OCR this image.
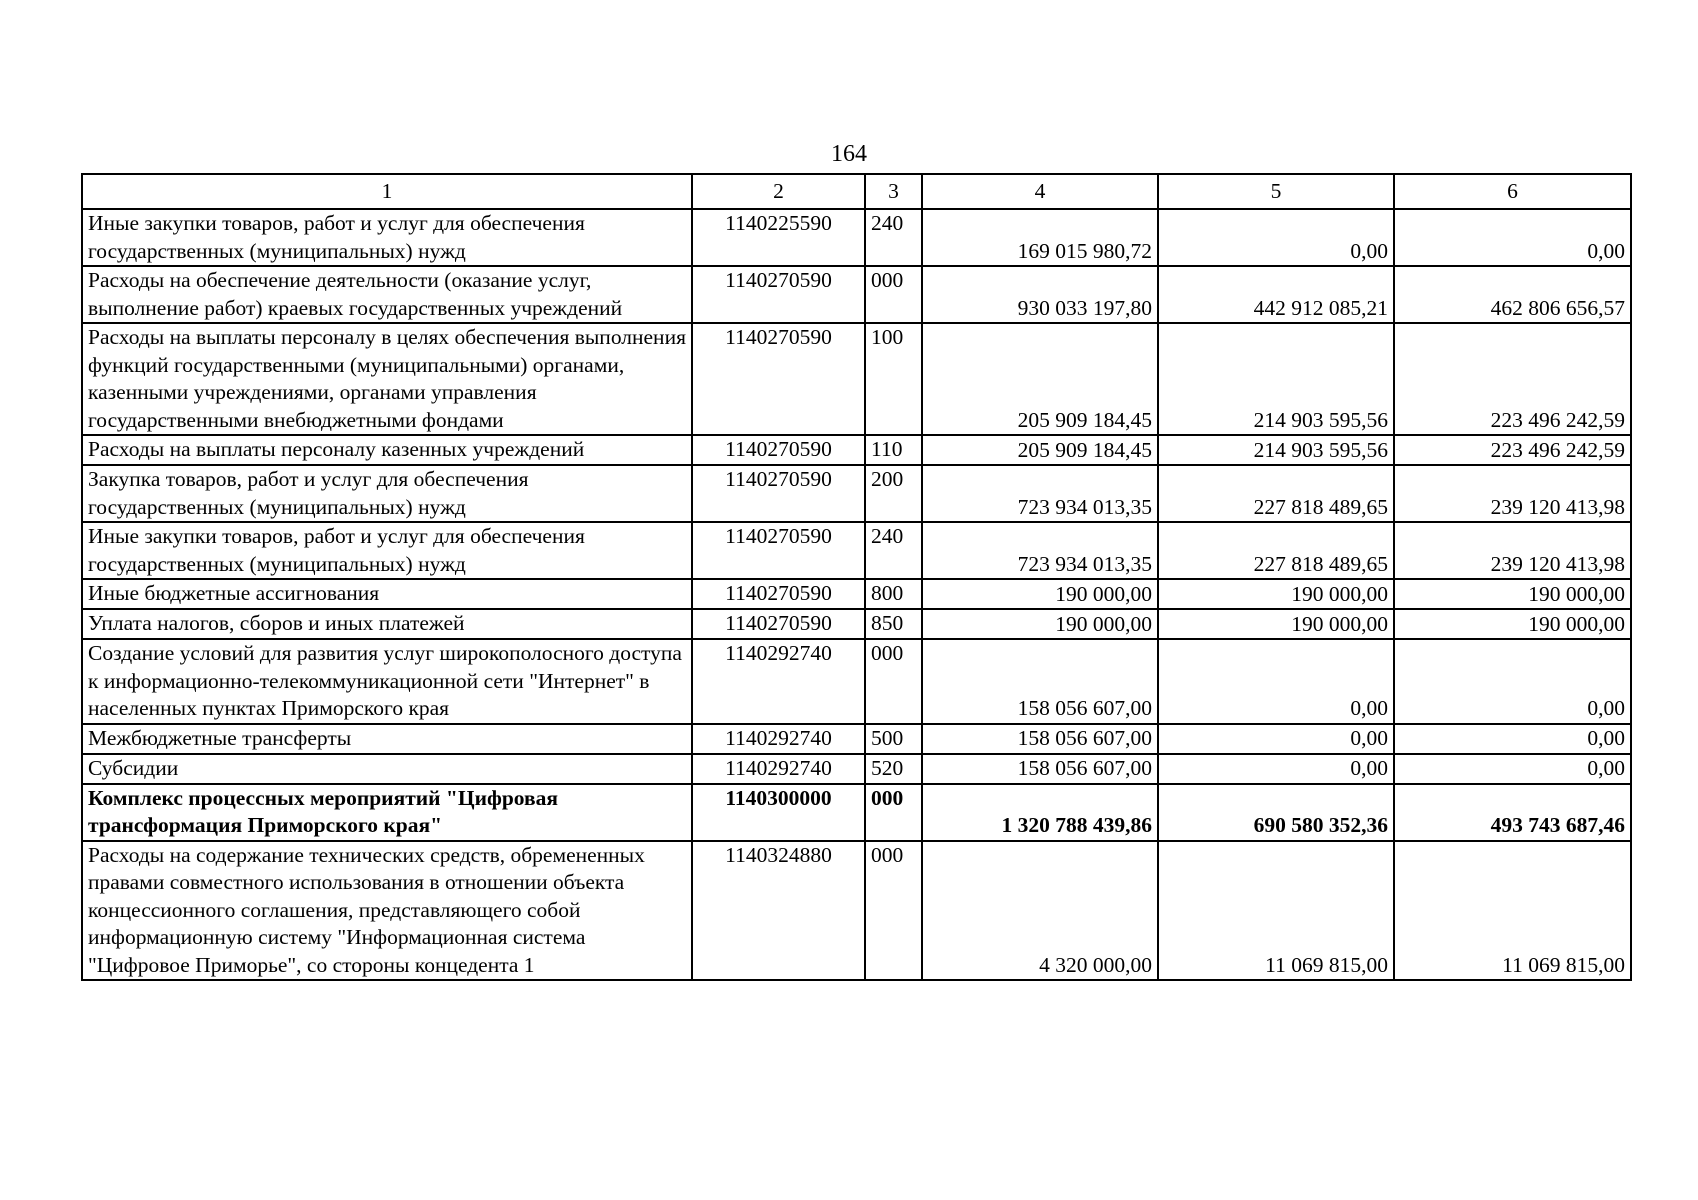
164
1	2	3	4	5	6
Иные закупки товаров, работ и услуг для обеспечения государственных (муниципальных) нужд	1140225590	240	169 015 980,72	0,00	0,00
Расходы на обеспечение деятельности (оказание услуг, выполнение работ) краевых государственных учреждений	1140270590	000	930 033 197,80	442 912 085,21	462 806 656,57
Расходы на выплаты персоналу в целях обеспечения выполнения функций государственными (муниципальными) органами, казенными учреждениями, органами управления государственными внебюджетными фондами	1140270590	100	205 909 184,45	214 903 595,56	223 496 242,59
Расходы на выплаты персоналу казенных учреждений	1140270590	110	205 909 184,45	214 903 595,56	223 496 242,59
Закупка товаров, работ и услуг для обеспечения государственных (муниципальных) нужд	1140270590	200	723 934 013,35	227 818 489,65	239 120 413,98
Иные закупки товаров, работ и услуг для обеспечения государственных (муниципальных) нужд	1140270590	240	723 934 013,35	227 818 489,65	239 120 413,98
Иные бюджетные ассигнования	1140270590	800	190 000,00	190 000,00	190 000,00
Уплата налогов, сборов и иных платежей	1140270590	850	190 000,00	190 000,00	190 000,00
Создание условий для развития услуг широкополосного доступа к информационно-телекоммуникационной сети "Интернет" в населенных пунктах Приморского края	1140292740	000	158 056 607,00	0,00	0,00
Межбюджетные трансферты	1140292740	500	158 056 607,00	0,00	0,00
Субсидии	1140292740	520	158 056 607,00	0,00	0,00
Комплекс процессных мероприятий "Цифровая трансформация Приморского края"	1140300000	000	1 320 788 439,86	690 580 352,36	493 743 687,46
Расходы на содержание технических средств, обремененных правами совместного использования в отношении объекта концессионного соглашения, представляющего собой информационную систему "Информационная система "Цифровое Приморье", со стороны концедента 1	1140324880	000	4 320 000,00	11 069 815,00	11 069 815,00
